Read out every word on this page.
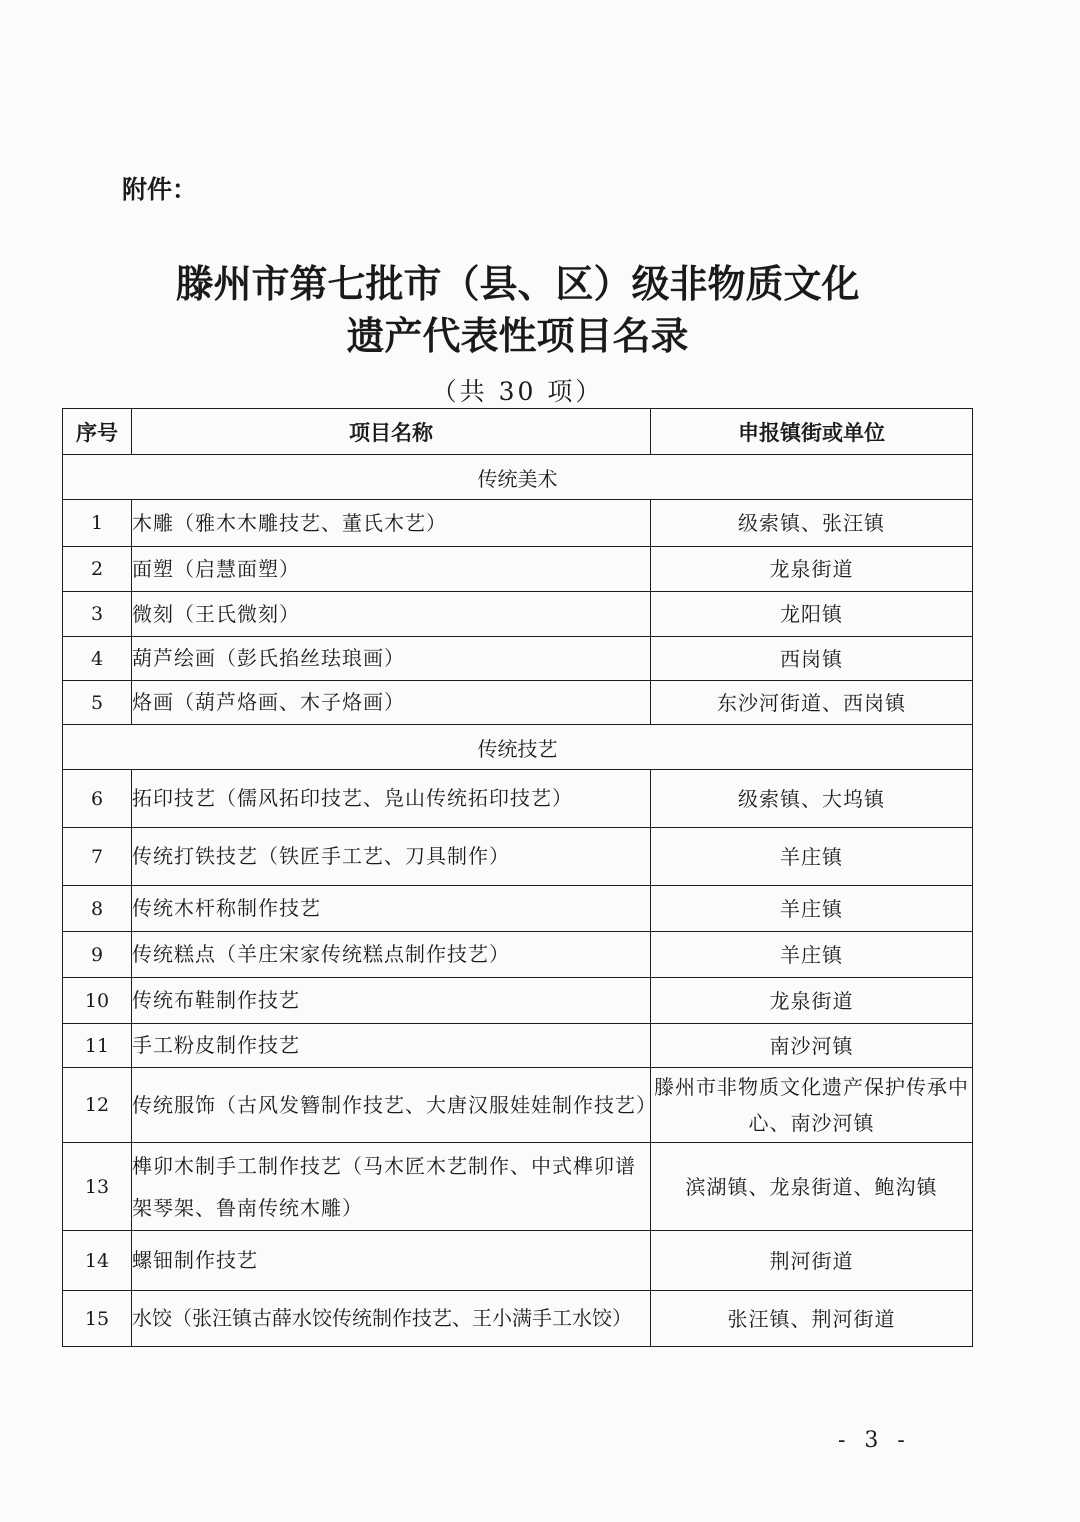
附件：
滕州市第七批市（县、区）级非物质文化
遗产代表性项目名录
（共 30 项）
序号	项目名称	申报镇街或单位
传统美术		
1	木雕（雅木木雕技艺、董氏木艺）	级索镇、张汪镇
2	面塑（启慧面塑）	龙泉街道
3	微刻（王氏微刻）	龙阳镇
4	葫芦绘画（彭氏掐丝珐琅画）	西岗镇
5	烙画（葫芦烙画、木子烙画）	东沙河街道、西岗镇
传统技艺		
6	拓印技艺（儒风拓印技艺、凫山传统拓印技艺）	级索镇、大坞镇
7	传统打铁技艺（铁匠手工艺、刀具制作）	羊庄镇
8	传统木杆称制作技艺	羊庄镇
9	传统糕点（羊庄宋家传统糕点制作技艺）	羊庄镇
10	传统布鞋制作技艺	龙泉街道
11	手工粉皮制作技艺	南沙河镇
12	传统服饰（古风发簪制作技艺、大唐汉服娃娃制作技艺）	滕州市非物质文化遗产保护传承中心、南沙河镇
13	榫卯木制手工制作技艺（马木匠木艺制作、中式榫卯谱架琴架、鲁南传统木雕）	滨湖镇、龙泉街道、鲍沟镇
14	螺钿制作技艺	荆河街道
15	水饺（张汪镇古薛水饺传统制作技艺、王小满手工水饺）	张汪镇、荆河街道
- 3 -
